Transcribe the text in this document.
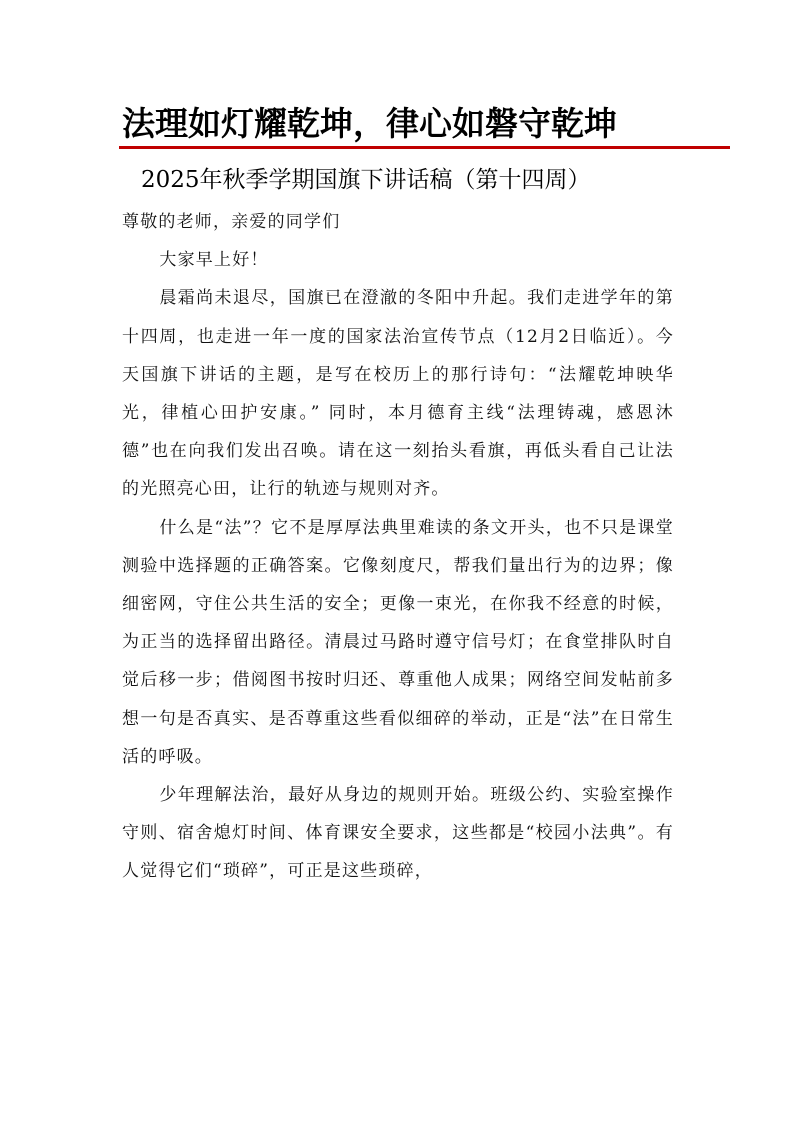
法理如灯耀乾坤，律心如磐守乾坤
2025年秋季学期国旗下讲话稿（第十四周）

尊敬的老师，亲爱的同学们

大家早上好！

晨霜尚未退尽，国旗已在澄澈的冬阳中升起。我们走进学年的第十四周，也走进一年一度的国家法治宣传节点（12月2日临近）。今天国旗下讲话的主题，是写在校历上的那行诗句：“法耀乾坤映华光，律植心田护安康。” 同时，本月德育主线“法理铸魂，感恩沐德”也在向我们发出召唤。请在这一刻抬头看旗，再低头看自己让法的光照亮心田，让行的轨迹与规则对齐。

什么是“法”？它不是厚厚法典里难读的条文开头，也不只是课堂测验中选择题的正确答案。它像刻度尺，帮我们量出行为的边界；像细密网，守住公共生活的安全；更像一束光，在你我不经意的时候，为正当的选择留出路径。清晨过马路时遵守信号灯；在食堂排队时自觉后移一步；借阅图书按时归还、尊重他人成果；网络空间发帖前多想一句是否真实、是否尊重这些看似细碎的举动，正是“法”在日常生活的呼吸。

少年理解法治，最好从身边的规则开始。班级公约、实验室操作守则、宿舍熄灯时间、体育课安全要求，这些都是“校园小法典”。有人觉得它们“琐碎”，可正是这些琐碎，
